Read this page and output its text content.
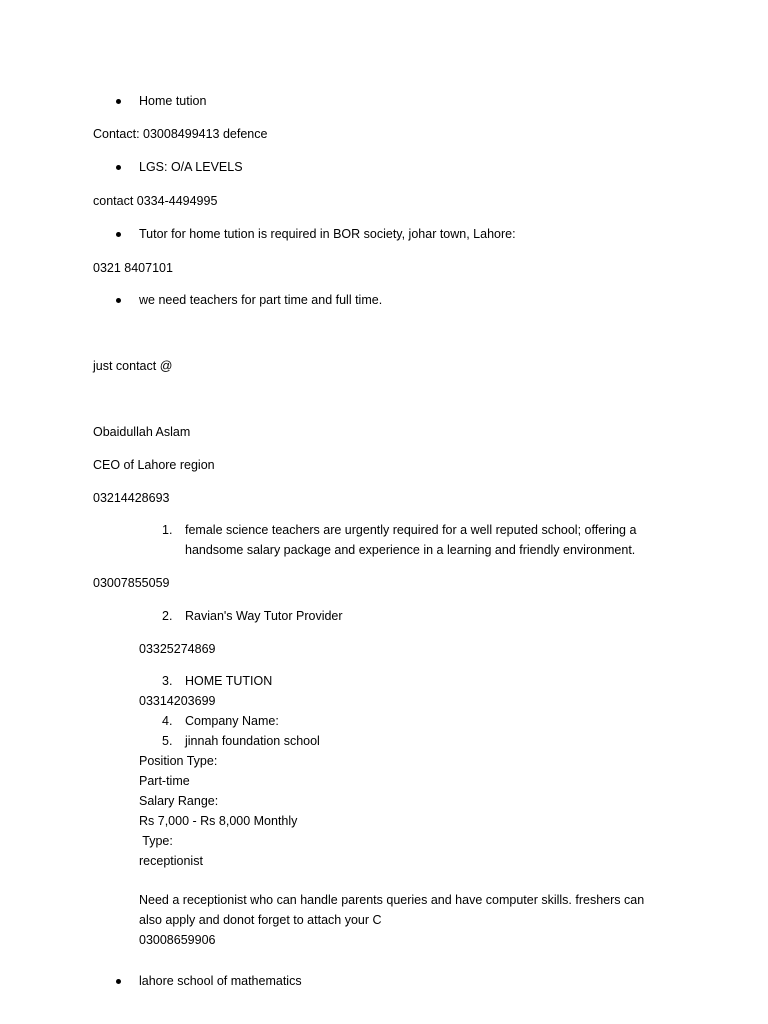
Home tution
Contact: 03008499413 defence
LGS: O/A LEVELS
contact 0334-4494995
Tutor for home tution is required in BOR society, johar town, Lahore:
0321 8407101
we need teachers for part time and full time.
just contact @
Obaidullah Aslam
CEO of Lahore region
03214428693
1. female science teachers are urgently required for a well reputed school; offering a
handsome salary package and experience in a learning and friendly environment.
03007855059
2. Ravian's Way Tutor Provider
03325274869
3. HOME TUTION
03314203699
4. Company Name:
5. jinnah foundation school
Position Type:
Part-time
Salary Range:
Rs 7,000 - Rs 8,000 Monthly
Type:
receptionist
Need a receptionist who can handle parents queries and have computer skills. freshers can
also apply and donot forget to attach your C
03008659906
lahore school of mathematics
